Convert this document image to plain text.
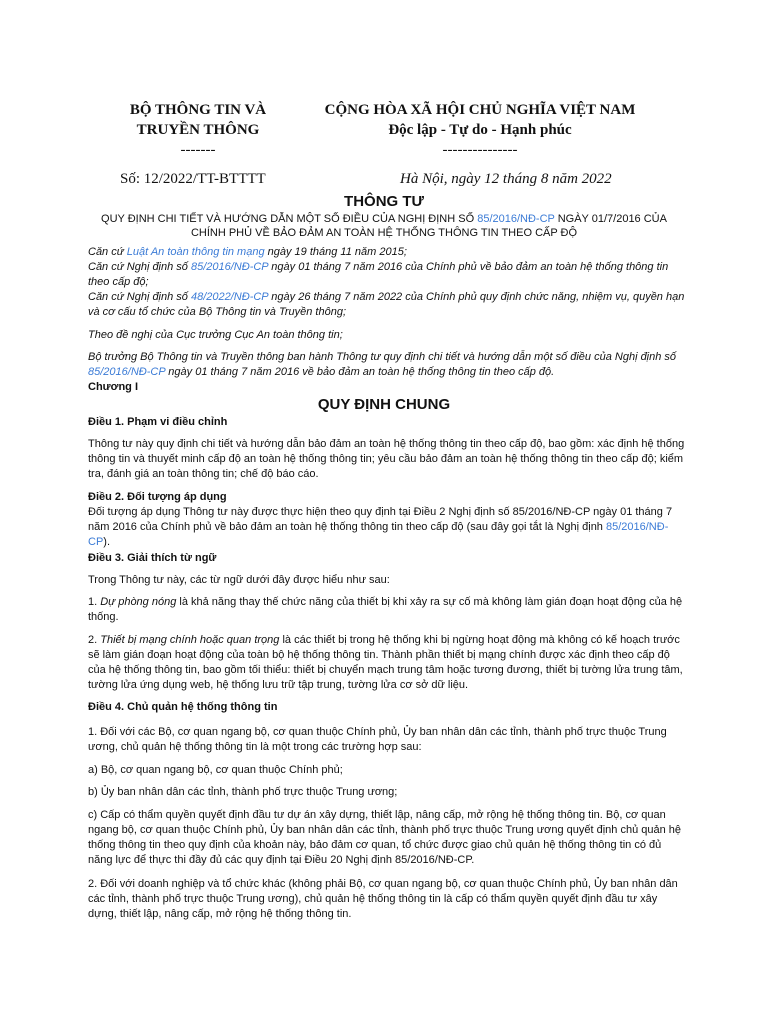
BỘ THÔNG TIN VÀ
TRUYỀN THÔNG
-------
CỘNG HÒA XÃ HỘI CHỦ NGHĨA VIỆT NAM
Độc lập - Tự do - Hạnh phúc
---------------
Số: 12/2022/TT-BTTTT	Hà Nội, ngày 12 tháng 8 năm 2022
THÔNG TƯ
QUY ĐỊNH CHI TIẾT VÀ HƯỚNG DẪN MỘT SỐ ĐIỀU CỦA NGHỊ ĐỊNH SỐ 85/2016/NĐ-CP NGÀY 01/7/2016 CỦA CHÍNH PHỦ VỀ BẢO ĐẢM AN TOÀN HỆ THỐNG THÔNG TIN THEO CẤP ĐỘ

Căn cứ Luật An toàn thông tin mạng ngày 19 tháng 11 năm 2015;

Căn cứ Nghị định số 85/2016/NĐ-CP ngày 01 tháng 7 năm 2016 của Chính phủ về bảo đảm an toàn hệ thống thông tin theo cấp độ;

Căn cứ Nghị định số 48/2022/NĐ-CP ngày 26 tháng 7 năm 2022 của Chính phủ quy định chức năng, nhiệm vụ, quyền hạn và cơ cấu tổ chức của Bộ Thông tin và Truyền thông;

Theo đề nghị của Cục trưởng Cục An toàn thông tin;
Bộ trưởng Bộ Thông tin và Truyền thông ban hành Thông tư quy định chi tiết và hướng dẫn một số điều của Nghị định số 85/2016/NĐ-CP ngày 01 tháng 7 năm 2016 về bảo đảm an toàn hệ thống thông tin theo cấp độ.
Chương I
QUY ĐỊNH CHUNG
Điều 1. Phạm vi điều chỉnh
Thông tư này quy định chi tiết và hướng dẫn bảo đảm an toàn hệ thống thông tin theo cấp độ, bao gồm: xác định hệ thống thông tin và thuyết minh cấp độ an toàn hệ thống thông tin; yêu cầu bảo đảm an toàn hệ thống thông tin theo cấp độ; kiểm tra, đánh giá an toàn thông tin; chế độ báo cáo.
Điều 2. Đối tượng áp dụng
Đối tượng áp dụng Thông tư này được thực hiện theo quy định tại Điều 2 Nghị định số 85/2016/NĐ-CP ngày 01 tháng 7 năm 2016 của Chính phủ về bảo đảm an toàn hệ thống thông tin theo cấp độ (sau đây gọi tắt là Nghị định 85/2016/NĐ-CP).
Điều 3. Giải thích từ ngữ
Trong Thông tư này, các từ ngữ dưới đây được hiểu như sau:
1. Dự phòng nóng là khả năng thay thế chức năng của thiết bị khi xảy ra sự cố mà không làm gián đoạn hoạt động của hệ thống.
2. Thiết bị mạng chính hoặc quan trọng là các thiết bị trong hệ thống khi bị ngừng hoạt động mà không có kế hoạch trước sẽ làm gián đoạn hoạt động của toàn bộ hệ thống thông tin. Thành phần thiết bị mạng chính được xác định theo cấp độ của hệ thống thông tin, bao gồm tối thiểu: thiết bị chuyển mạch trung tâm hoặc tương đương, thiết bị tường lửa trung tâm, tường lửa ứng dụng web, hệ thống lưu trữ tập trung, tường lửa cơ sở dữ liệu.
Điều 4. Chủ quản hệ thống thông tin
1. Đối với các Bộ, cơ quan ngang bộ, cơ quan thuộc Chính phủ, Ủy ban nhân dân các tỉnh, thành phố trực thuộc Trung ương, chủ quản hệ thống thông tin là một trong các trường hợp sau:
a) Bộ, cơ quan ngang bộ, cơ quan thuộc Chính phủ;
b) Ủy ban nhân dân các tỉnh, thành phố trực thuộc Trung ương;
c) Cấp có thẩm quyền quyết định đầu tư dự án xây dựng, thiết lập, nâng cấp, mở rộng hệ thống thông tin. Bộ, cơ quan ngang bộ, cơ quan thuộc Chính phủ, Ủy ban nhân dân các tỉnh, thành phố trực thuộc Trung ương quyết định chủ quản hệ thống thông tin theo quy định của khoản này, bảo đảm cơ quan, tổ chức được giao chủ quản hệ thống thông tin có đủ năng lực để thực thi đầy đủ các quy định tại Điều 20 Nghị định 85/2016/NĐ-CP.
2. Đối với doanh nghiệp và tổ chức khác (không phải Bộ, cơ quan ngang bộ, cơ quan thuộc Chính phủ, Ủy ban nhân dân các tỉnh, thành phố trực thuộc Trung ương), chủ quản hệ thống thông tin là cấp có thẩm quyền quyết định đầu tư xây dựng, thiết lập, nâng cấp, mở rộng hệ thống thông tin.
